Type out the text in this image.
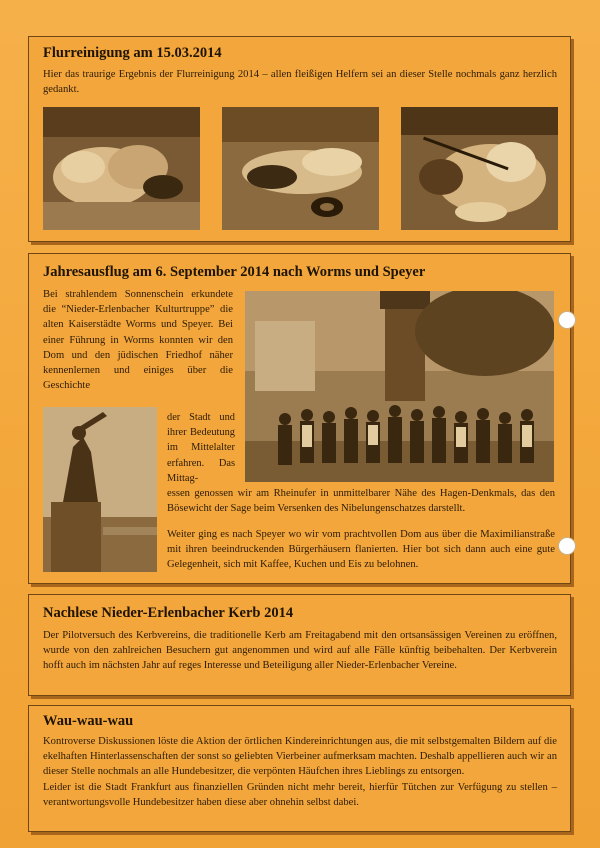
Flurreinigung am 15.03.2014
Hier das traurige Ergebnis der Flurreinigung 2014 – allen fleißigen Helfern sei an dieser Stelle nochmals ganz herzlich gedankt.
Jahresausflug am 6. September 2014 nach Worms und Speyer
Bei strahlendem Sonnenschein erkundete die “Nieder-Erlenbacher Kulturtruppe” die alten Kaiserstädte Worms und Speyer. Bei einer Führung in Worms konnten wir den Dom und den jüdischen Friedhof näher kennenlernen und einiges über die Geschichte
der Stadt und ihrer Bedeutung im Mittelalter erfahren. Das Mittag-
essen genossen wir am Rheinufer in unmittelbarer Nähe des Hagen-Denkmals, das den Bösewicht der Sage beim Versenken des Nibelungenschatzes darstellt.
Weiter ging es nach Speyer wo wir vom prachtvollen Dom aus über die Maximilianstraße mit ihren beeindruckenden Bürgerhäusern flanierten. Hier bot sich dann auch eine gute Gelegenheit, sich mit Kaffee, Kuchen und Eis zu belohnen.
Nachlese Nieder-Erlenbacher Kerb 2014
Der Pilotversuch des Kerbvereins, die traditionelle Kerb am Freitagabend mit den ortsansässigen Vereinen zu eröffnen, wurde von den zahlreichen Besuchern gut angenommen und wird auf alle Fälle künftig beibehalten. Der Kerbverein hofft auch im nächsten Jahr auf reges Interesse und Beteiligung aller Nieder-Erlenbacher Vereine.
Wau-wau-wau
Kontroverse Diskussionen löste die Aktion der örtlichen Kindereinrichtungen aus, die mit selbstgemalten Bildern auf die ekelhaften Hinterlassenschaften der sonst so geliebten Vierbeiner aufmerksam machten. Deshalb appellieren auch wir an dieser Stelle nochmals an alle Hundebesitzer, die verpönten Häufchen ihres Lieblings zu entsorgen.
Leider ist die Stadt Frankfurt aus finanziellen Gründen nicht mehr bereit, hierfür Tütchen zur Verfügung zu stellen – verantwortungsvolle Hundebesitzer haben diese aber ohnehin selbst dabei.
